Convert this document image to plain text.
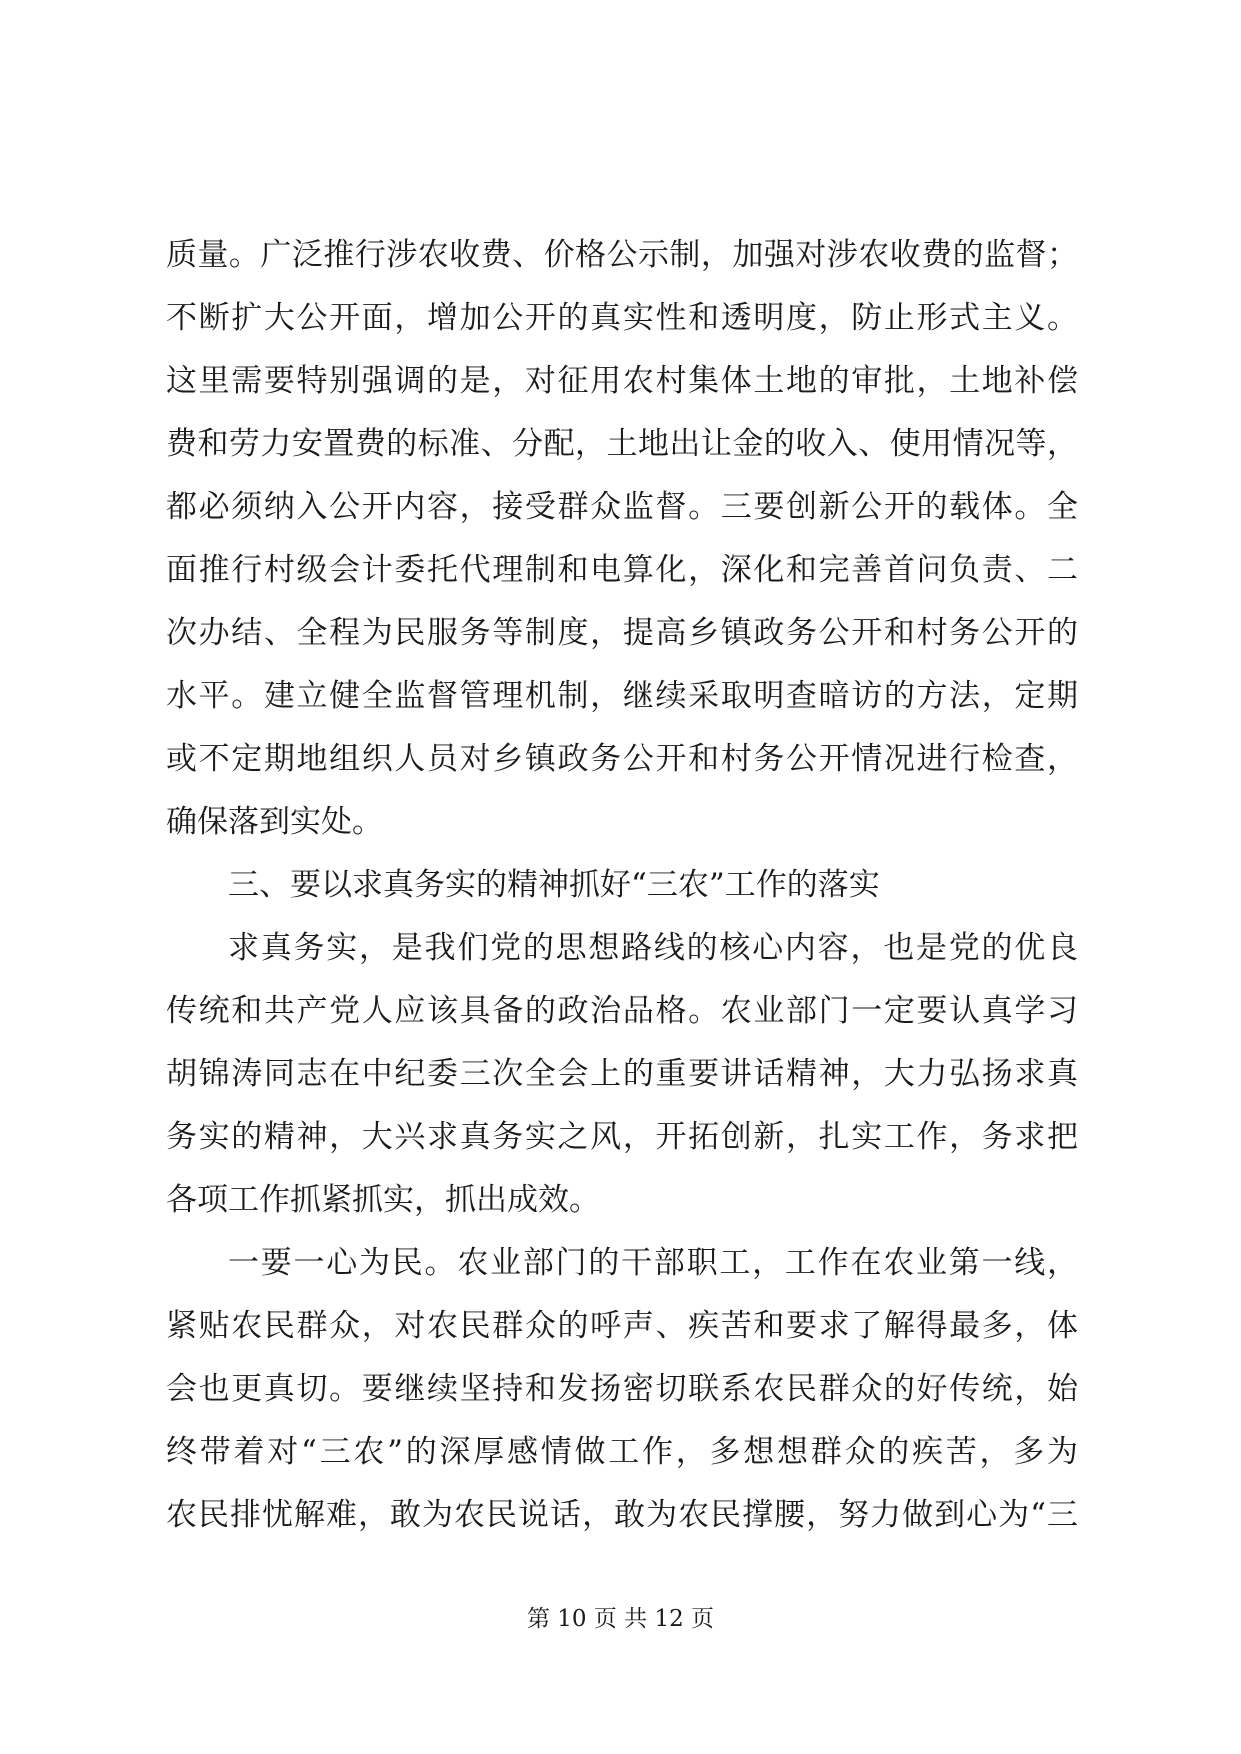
质量。广泛推行涉农收费、价格公示制，加强对涉农收费的监督；
不断扩大公开面，增加公开的真实性和透明度，防止形式主义。
这里需要特别强调的是，对征用农村集体土地的审批，土地补偿
费和劳力安置费的标准、分配，土地出让金的收入、使用情况等，
都必须纳入公开内容，接受群众监督。三要创新公开的载体。全
面推行村级会计委托代理制和电算化，深化和完善首问负责、二
次办结、全程为民服务等制度，提高乡镇政务公开和村务公开的
水平。建立健全监督管理机制，继续采取明查暗访的方法，定期
或不定期地组织人员对乡镇政务公开和村务公开情况进行检查，
确保落到实处。
三、要以求真务实的精神抓好“三农”工作的落实
求真务实，是我们党的思想路线的核心内容，也是党的优良
传统和共产党人应该具备的政治品格。农业部门一定要认真学习
胡锦涛同志在中纪委三次全会上的重要讲话精神，大力弘扬求真
务实的精神，大兴求真务实之风，开拓创新，扎实工作，务求把
各项工作抓紧抓实，抓出成效。
一要一心为民。农业部门的干部职工，工作在农业第一线，
紧贴农民群众，对农民群众的呼声、疾苦和要求了解得最多，体
会也更真切。要继续坚持和发扬密切联系农民群众的好传统，始
终带着对“三农”的深厚感情做工作，多想想群众的疾苦，多为
农民排忧解难，敢为农民说话，敢为农民撑腰，努力做到心为“三
第 10 页 共 12 页
